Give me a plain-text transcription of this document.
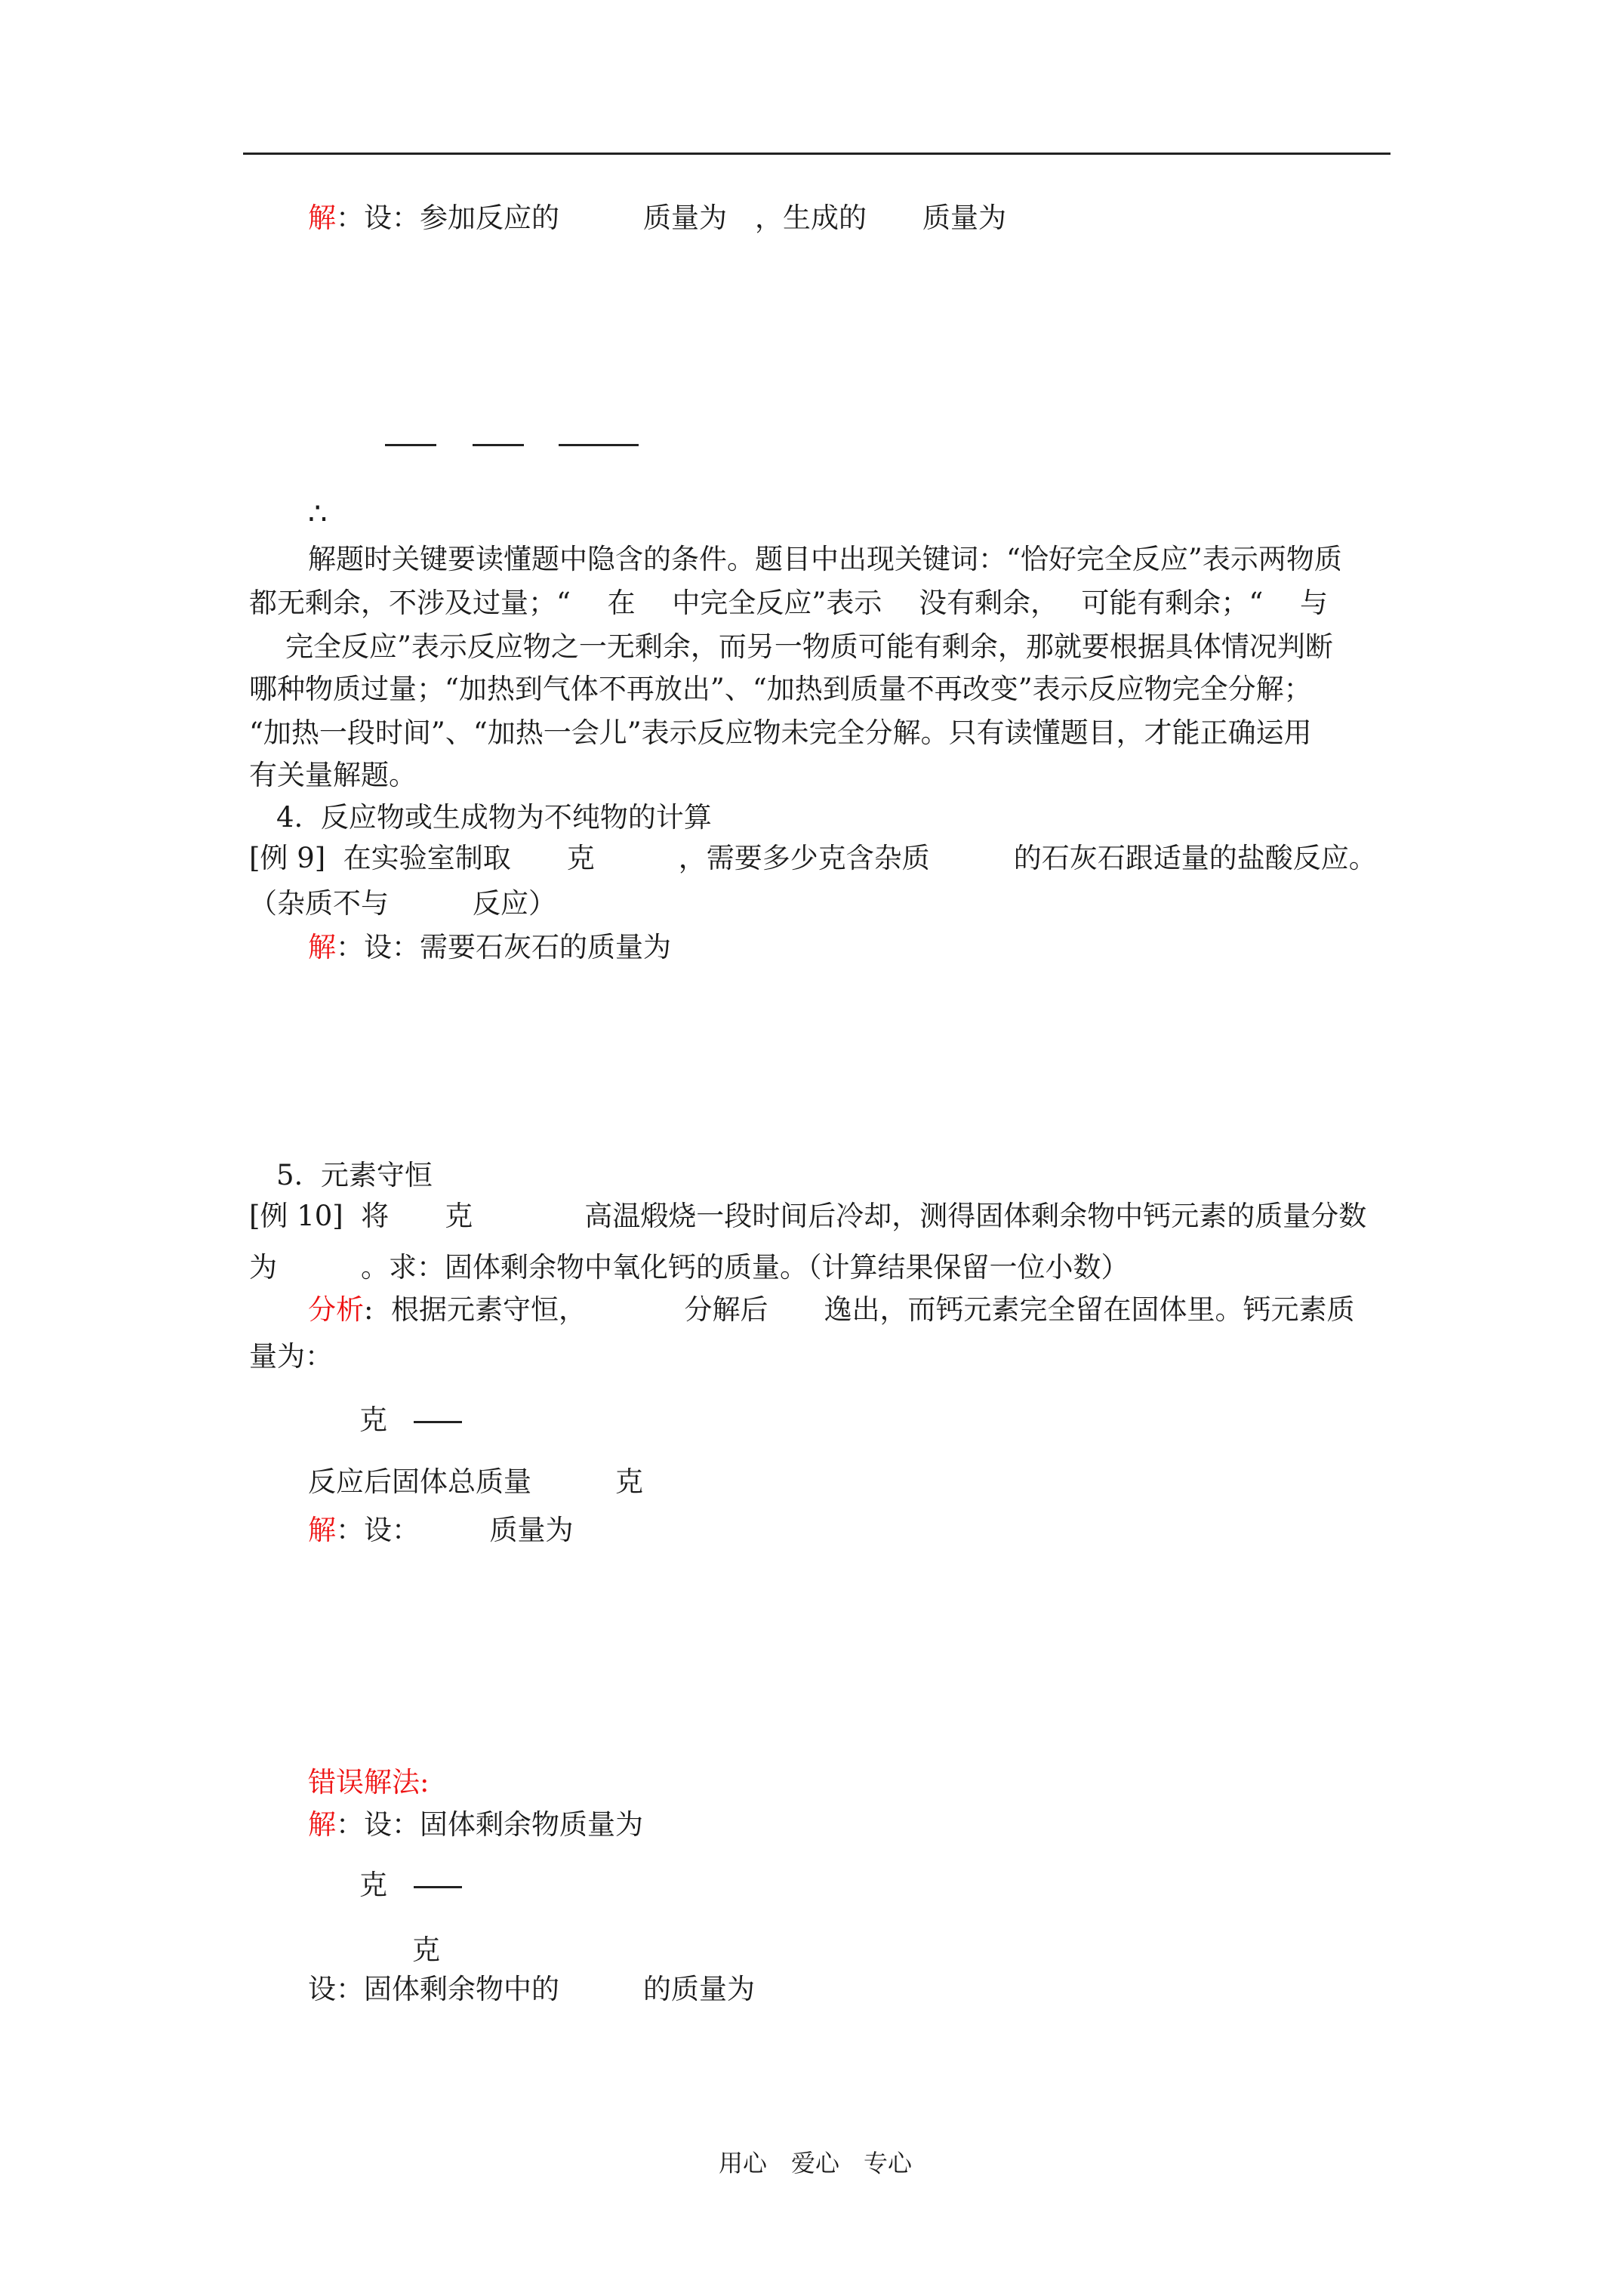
解：设：参加反应的　　　质量为　，生成的　　质量为
∴
解题时关键要读懂题中隐含的条件。题目中出现关键词：“恰好完全反应”表示两物质
都无剩余，不涉及过量；“　 在　 中完全反应”表示　 没有剩余，　 可能有剩余；“　 与
完全反应”表示反应物之一无剩余，而另一物质可能有剩余，那就要根据具体情况判断
哪种物质过量；“加热到气体不再放出”、“加热到质量不再改变”表示反应物完全分解；
“加热一段时间”、“加热一会儿”表示反应物未完全分解。只有读懂题目，才能正确运用
有关量解题。
4.  反应物或生成物为不纯物的计算
[例 9]  在实验室制取　　克　　　，需要多少克含杂质　　　的石灰石跟适量的盐酸反应。
（杂质不与　　　反应）
解：设：需要石灰石的质量为
5.  元素守恒
[例 10]  将　　克　　　　高温煅烧一段时间后冷却，测得固体剩余物中钙元素的质量分数
为　　　。求：固体剩余物中氧化钙的质量。（计算结果保留一位小数）
分析:  根据元素守恒，　　　　分解后　　逸出，而钙元素完全留在固体里。钙元素质
量为：
克
反应后固体总质量　　　克
解：设：　　　质量为
错误解法:
解：设：固体剩余物质量为
克
克
设：固体剩余物中的　　　的质量为
用心　爱心　专心
